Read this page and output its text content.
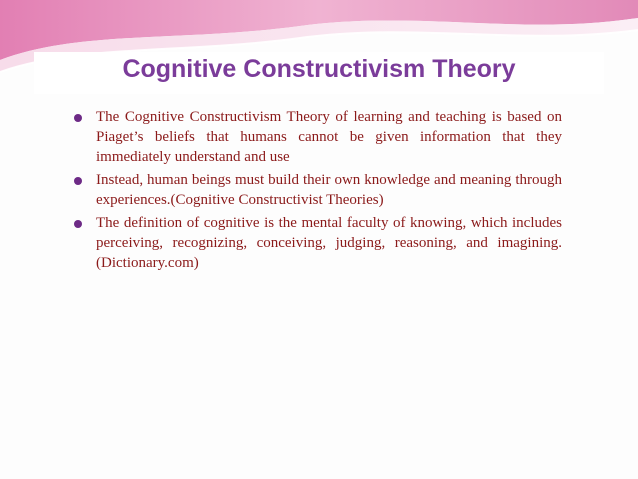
Cognitive Constructivism Theory
The Cognitive Constructivism Theory of learning and teaching is based on Piaget’s beliefs that humans cannot be given information that they immediately understand and use
Instead, human beings must build their own knowledge and meaning through experiences.(Cognitive Constructivist Theories)
The definition of cognitive is the mental faculty of knowing, which includes perceiving, recognizing, conceiving, judging, reasoning, and imagining.(Dictionary.com)
